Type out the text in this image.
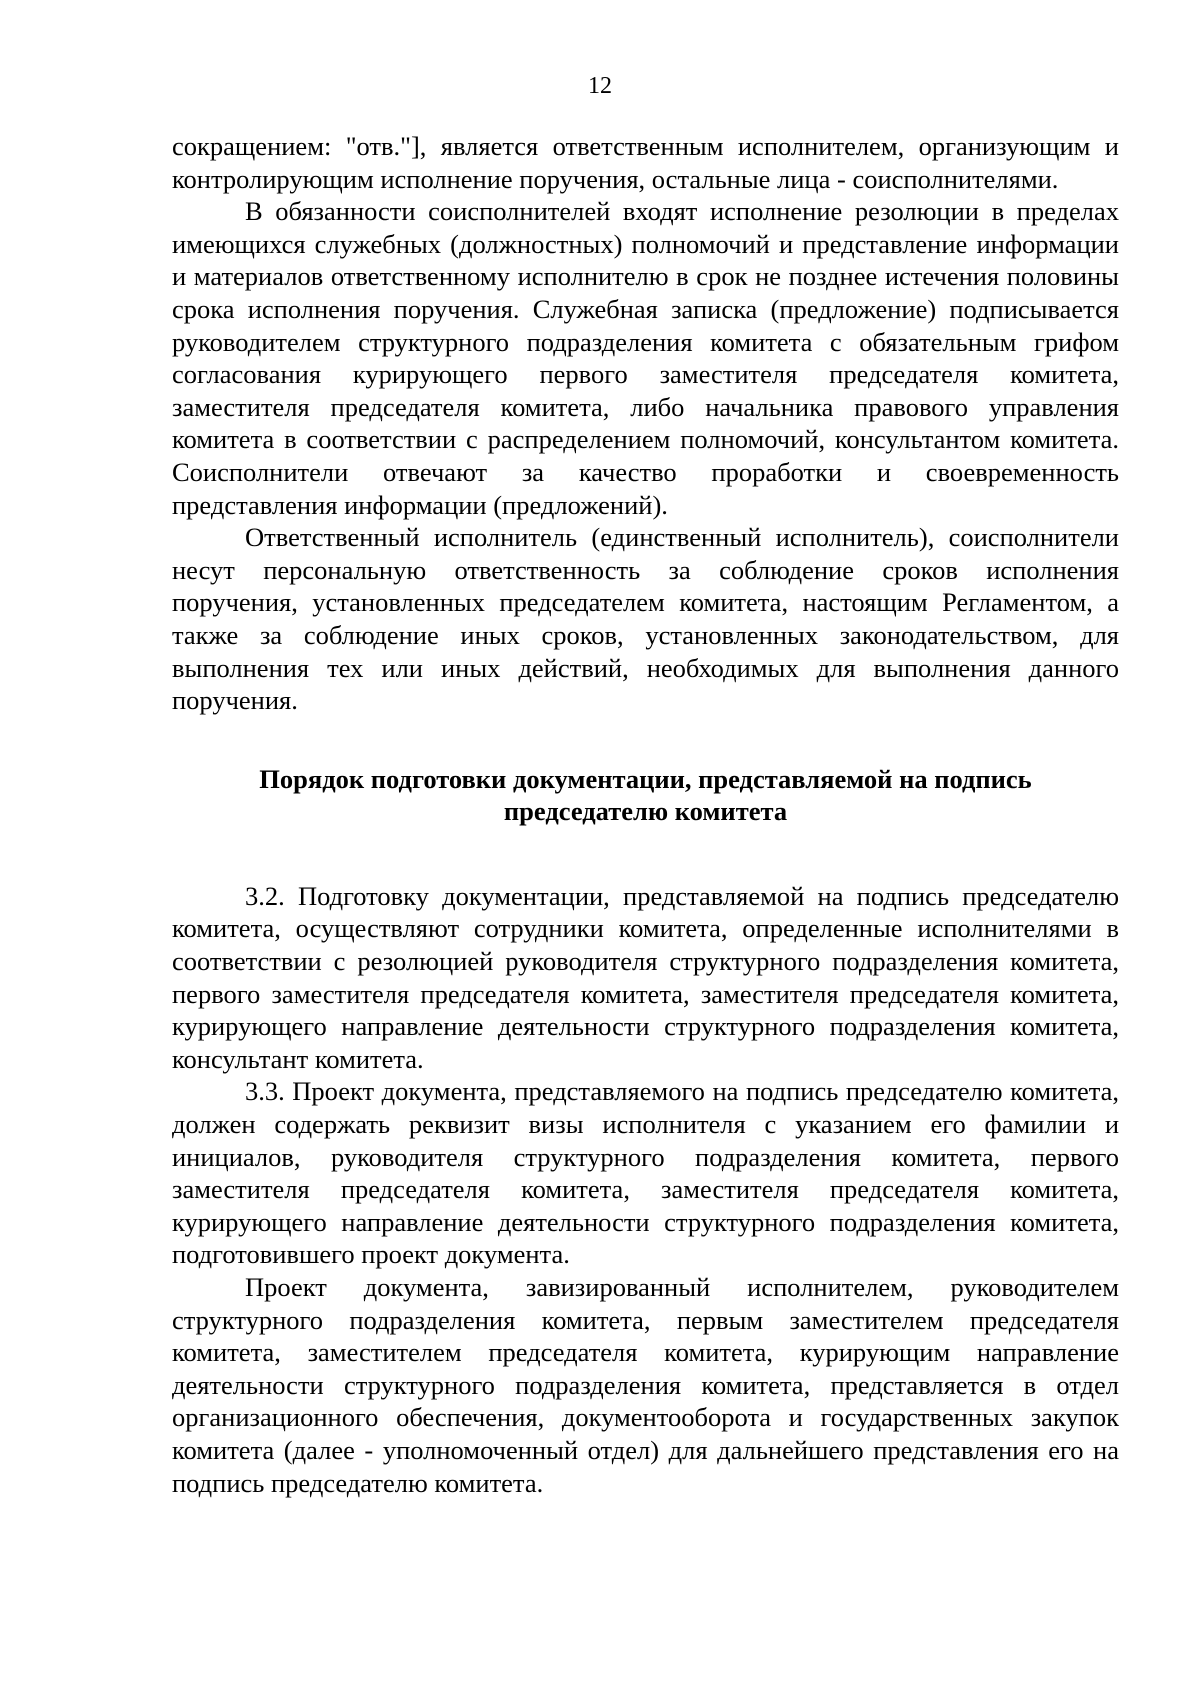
12

сокращением: "отв."], является ответственным исполнителем, организующим и контролирующим исполнение поручения, остальные лица - соисполнителями.

В обязанности соисполнителей входят исполнение резолюции в пределах имеющихся служебных (должностных) полномочий и представление информации и материалов ответственному исполнителю в срок не позднее истечения половины срока исполнения поручения. Служебная записка (предложение) подписывается руководителем структурного подразделения комитета с обязательным грифом согласования курирующего первого заместителя председателя комитета, заместителя председателя комитета, либо начальника правового управления комитета в соответствии с распределением полномочий, консультантом комитета. Соисполнители отвечают за качество проработки и своевременность представления информации (предложений).

Ответственный исполнитель (единственный исполнитель), соисполнители несут персональную ответственность за соблюдение сроков исполнения поручения, установленных председателем комитета, настоящим Регламентом, а также за соблюдение иных сроков, установленных законодательством, для выполнения тех или иных действий, необходимых для выполнения данного поручения.

Порядок подготовки документации, представляемой на подпись
председателю комитета

3.2. Подготовку документации, представляемой на подпись председателю комитета, осуществляют сотрудники комитета, определенные исполнителями в соответствии с резолюцией руководителя структурного подразделения комитета, первого заместителя председателя комитета, заместителя председателя комитета, курирующего направление деятельности структурного подразделения комитета, консультант комитета.

3.3. Проект документа, представляемого на подпись председателю комитета, должен содержать реквизит визы исполнителя с указанием его фамилии и инициалов, руководителя структурного подразделения комитета, первого заместителя председателя комитета, заместителя председателя комитета, курирующего направление деятельности структурного подразделения комитета, подготовившего проект документа.

Проект документа, завизированный исполнителем, руководителем структурного подразделения комитета, первым заместителем председателя комитета, заместителем председателя комитета, курирующим направление деятельности структурного подразделения комитета, представляется в отдел организационного обеспечения, документооборота и государственных закупок комитета (далее - уполномоченный отдел) для дальнейшего представления его на подпись председателю комитета.
